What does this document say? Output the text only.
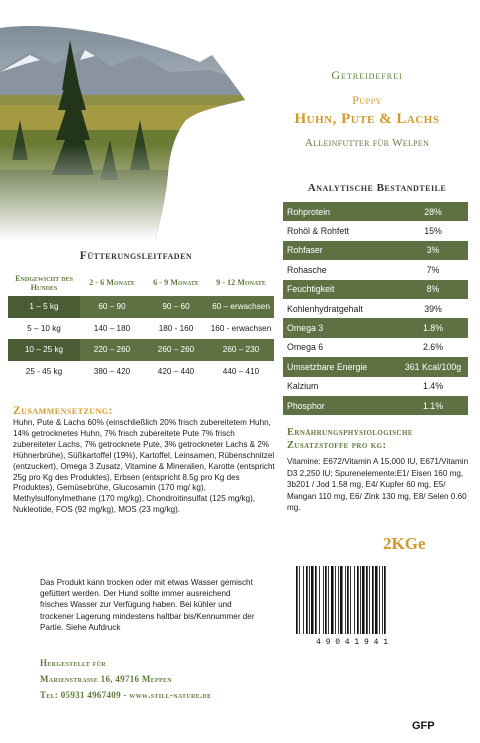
Getreidefrei
Puppy
Huhn, Pute & Lachs
Alleinfutter für Welpen
Analytische Bestandteile
Rohprotein	28%
Rohöl & Rohfett	15%
Rohfaser	3%
Rohasche	7%
Feuchtigkeit	8%
Kohlenhydratgehalt	39%
Omega 3	1.8%
Omega 6	2.6%
Umsetzbare Energie	361 Kcal/100g
Kalzium	1.4%
Phosphor	1.1%
Fütterungsleitfaden
Endgewicht des Hundes	2 - 6 Monate	6 - 9 Monate	9 - 12 Monate
1 – 5 kg	60 – 90	90 – 60	60 – erwachsen
5 – 10 kg	140 – 180	180 - 160	160 - erwachsen
10 – 25 kg	220 – 260	260 – 260	260 – 230
25 - 45 kg	380 – 420	420 – 440	440 – 410
Zusammensetzung:
Huhn, Pute & Lachs 60% (einschließlich 20% frisch zubereitetem Huhn, 14% getrocknetes Huhn, 7% frisch zubereitete Pute 7% frisch zubereiteter Lachs, 7% getrocknete Pute, 3% getrockneter Lachs & 2% Hühnerbrühe), Süßkartoffel (19%), Kartoffel, Leinsamen, Rübenschnitzel (entzuckert), Omega 3 Zusatz, Vitamine & Mineralien, Karotte (entspricht 25g pro Kg des Produktes), Erbsen (entspricht 8.5g pro Kg des Produktes), Gemüsebrühe, Glucosamin (170 mg/ kg), Methylsulfonylmethane (170 mg/kg), Chondroitinsulfat (125 mg/kg), Nukleotide, FOS (92 mg/kg), MOS (23 mg/kg).
Ernährungsphysiologische Zusatzstoffe pro kg:
Vitamine: E672/Vitamin A 15,000 IU, E671/Vitamin D3 2,250 IU; Spurenelemente:E1/ Eisen 160 mg, 3b201 / Jod 1.58 mg, E4/ Kupfer 60 mg, E5/ Mangan 110 mg, E6/ Zink 130 mg, E8/ Selen 0.60 mg.
2KGe
Das Produkt kann trocken oder mit etwas Wasser gemischt gefüttert werden. Der Hund sollte immer ausreichend frisches Wasser zur Verfügung haben. Bei kühler und trockener Lagerung mindestens haltbar bis/Kennummer der Partie. Siehe Aufdruck
4 9 0 4 1 9 4 1
Hergestellt für
Marienstraße 16, 49716 Meppen
Tel: 05931 4967409 - www.still-nature.de
GFP
